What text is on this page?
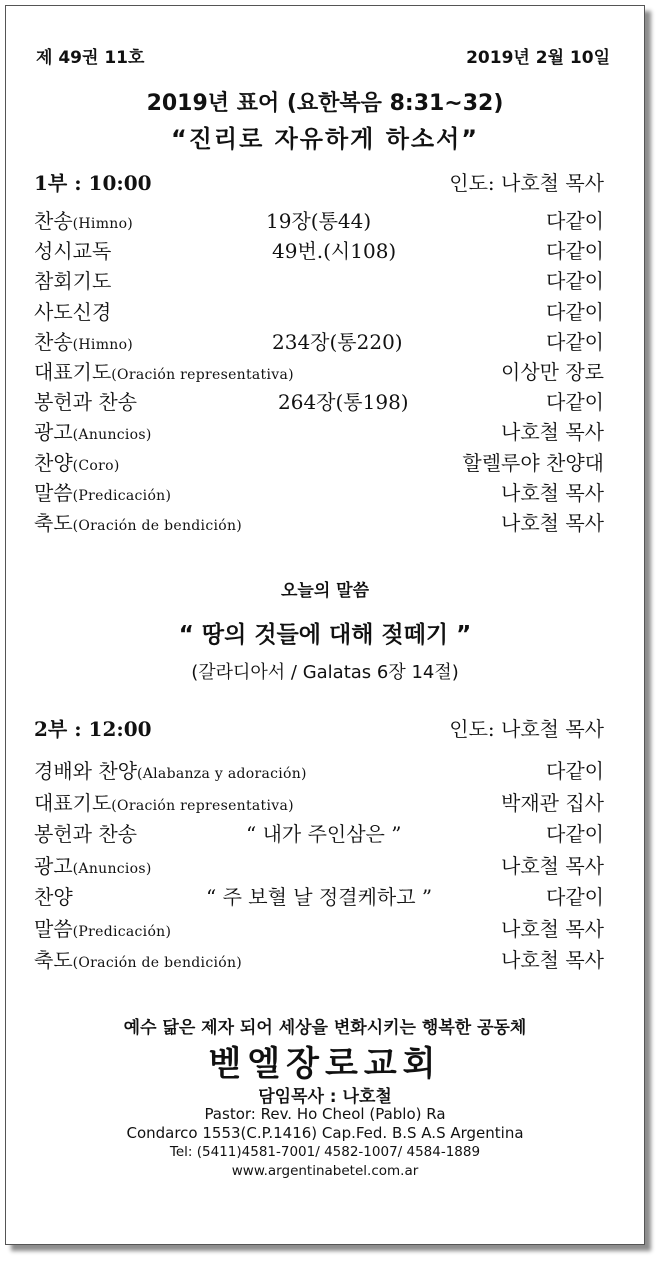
제 49권 11호	2019년 2월 10일
2019년 표어 (요한복음 8:31~32)
“진리로 자유하게 하소서”
1부 : 10:00	인도: 나호철 목사
찬송(Himno)	19장(통44)	다같이
성시교독	49번.(시108)	다같이
참회기도	다같이
사도신경	다같이
찬송(Himno)	234장(통220)	다같이
대표기도(Oración representativa)	이상만 장로
봉헌과 찬송	264장(통198)	다같이
광고(Anuncios)	나호철 목사
찬양(Coro)	할렐루야 찬양대
말씀(Predicación)	나호철 목사
축도(Oración de bendición)	나호철 목사
오늘의 말씀
“ 땅의 것들에 대해 젖떼기 ”
(갈라디아서 / Galatas 6장 14절)
2부 : 12:00	인도: 나호철 목사
경배와 찬양(Alabanza y adoración)	다같이
대표기도(Oración representativa)	박재관 집사
봉헌과 찬송	“ 내가 주인삼은 ”	다같이
광고(Anuncios)	나호철 목사
찬양	“ 주 보혈 날 정결케하고 ”	다같이
말씀(Predicación)	나호철 목사
축도(Oración de bendición)	나호철 목사
예수 닮은 제자 되어 세상을 변화시키는 행복한 공동체
벧엘장로교회
담임목사 : 나호철
Pastor: Rev. Ho Cheol (Pablo) Ra
Condarco 1553(C.P.1416) Cap.Fed. B.S A.S Argentina
Tel: (5411)4581-7001/ 4582-1007/ 4584-1889
www.argentinabetel.com.ar
